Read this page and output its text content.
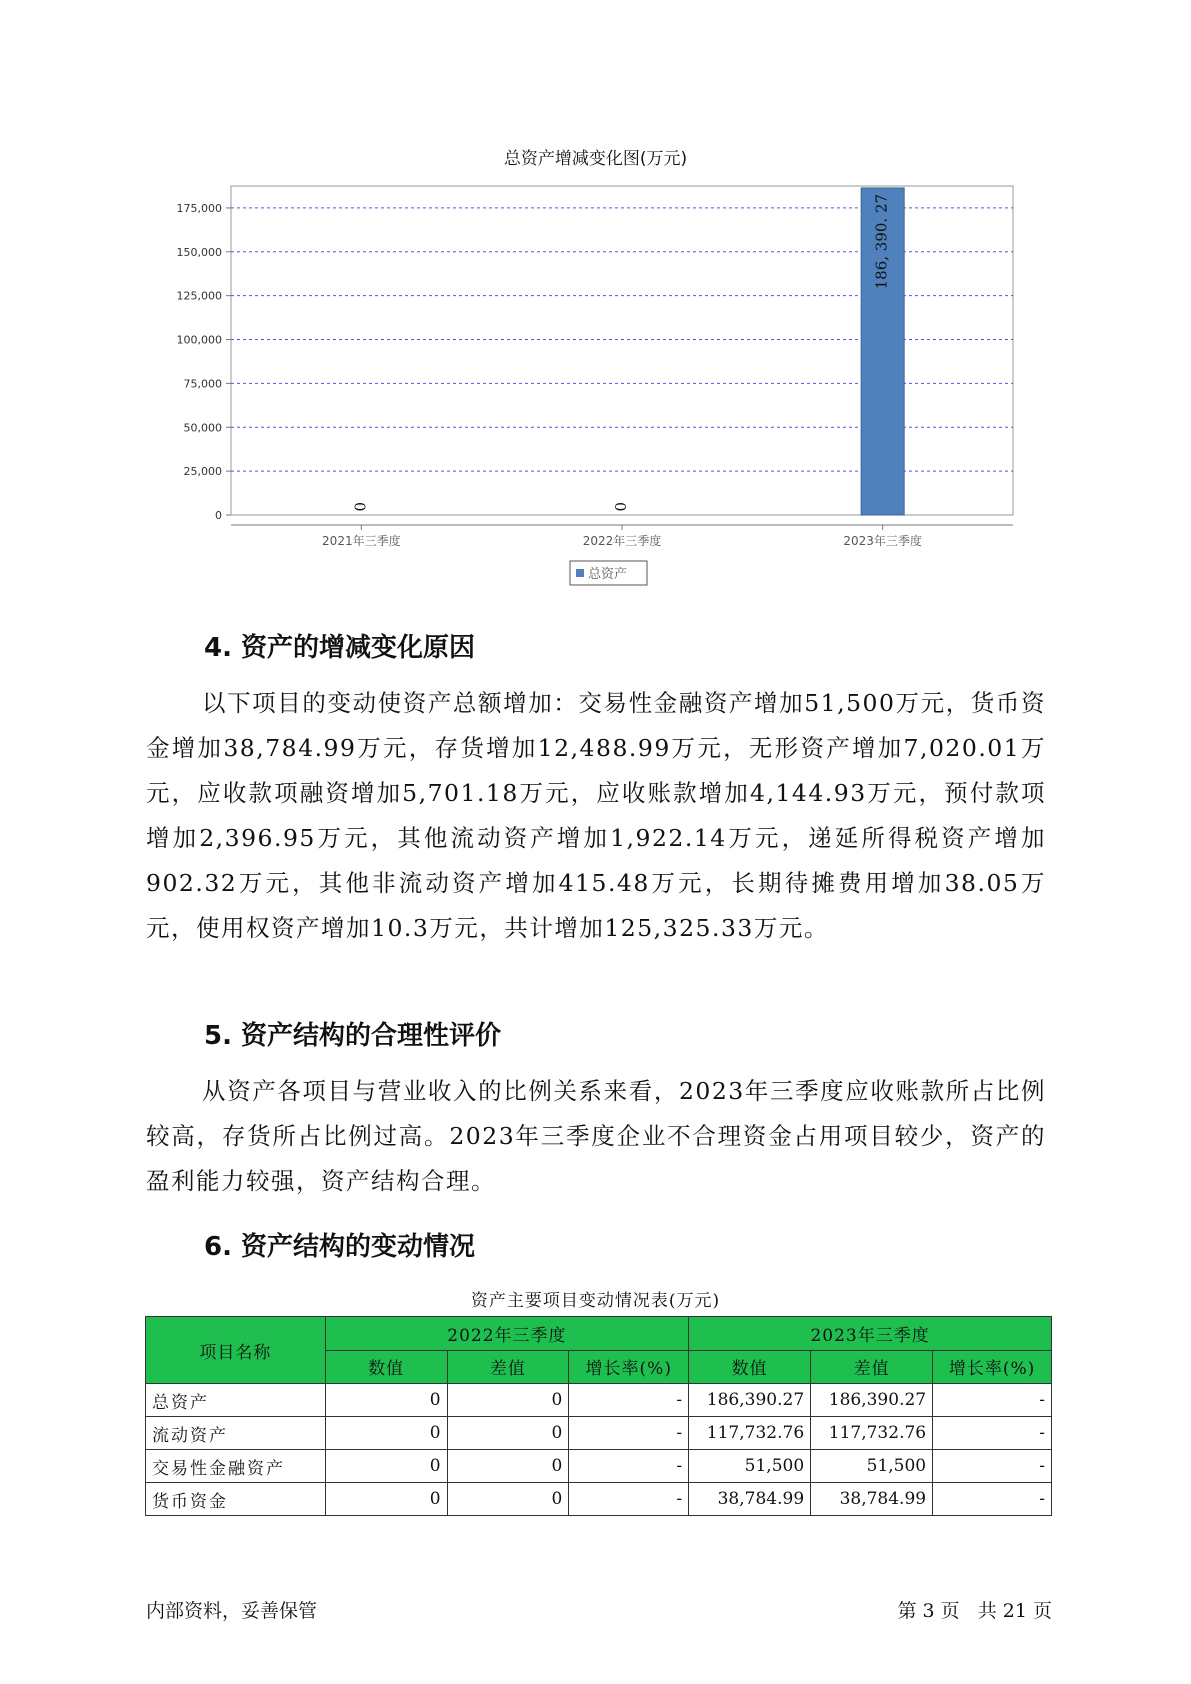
总资产增减变化图(万元)
0
25,000
50,000
75,000
100,000
125,000
150,000
175,000
2021年三季度
0
2022年三季度
0
2023年三季度
186, 390. 27
总资产
4. 资产的增减变化原因
以下项目的变动使资产总额增加：交易性金融资产增加51,500万元，货币资金增加38,784.99万元，存货增加12,488.99万元，无形资产增加7,020.01万元，应收款项融资增加5,701.18万元，应收账款增加4,144.93万元，预付款项增加2,396.95万元，其他流动资产增加1,922.14万元，递延所得税资产增加902.32万元，其他非流动资产增加415.48万元，长期待摊费用增加38.05万元，使用权资产增加10.3万元，共计增加125,325.33万元。
5. 资产结构的合理性评价
从资产各项目与营业收入的比例关系来看，2023年三季度应收账款所占比例较高，存货所占比例过高。2023年三季度企业不合理资金占用项目较少，资产的盈利能力较强，资产结构合理。
6. 资产结构的变动情况
资产主要项目变动情况表(万元)
项目名称	2022年三季度			2023年三季度		
	数值	差值	增长率(%)	数值	差值	增长率(%)
总资产	0	0	-	186,390.27	186,390.27	-
流动资产	0	0	-	117,732.76	117,732.76	-
交易性金融资产	0	0	-	51,500	51,500	-
货币资金	0	0	-	38,784.99	38,784.99	-
内部资料，妥善保管	第 3 页   共 21 页
